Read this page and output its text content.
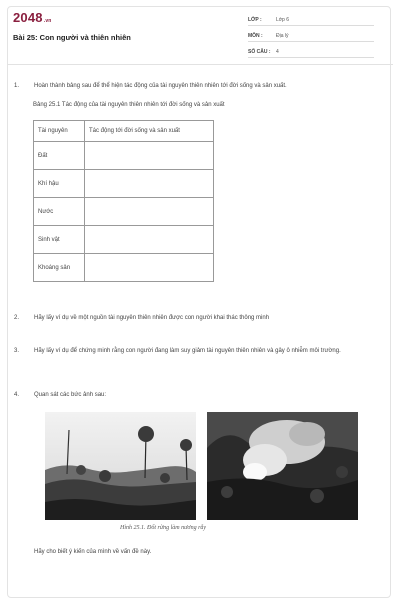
2048.vn
Bài 25: Con người và thiên nhiên
LỚP :	Lớp 6
MÔN :	Địa lý
SỐ CÂU :	4
1.	Hoàn thành bảng sau để thể hiện tác động của tài nguyên thiên nhiên tới đời sống và sản xuất.
Bảng 25.1 Tác động của tài nguyên thiên nhiên tới đời sống và sản xuất
Tài nguyên	Tác động tới đời sống và sản xuất
Đất	
Khí hậu	
Nước	
Sinh vật	
Khoáng sản	
2.	Hãy lấy ví dụ về một nguồn tài nguyên thiên nhiên được con người khai thác thông minh
3.	Hãy lấy ví dụ để chứng minh rằng con người đang làm suy giảm tài nguyên thiên nhiên và gây ô nhiễm môi trường.
4.	Quan sát các bức ảnh sau:
Hình 25.1. Đốt rừng làm nương rẫy
Hãy cho biết ý kiến của mình về vấn đề này.
